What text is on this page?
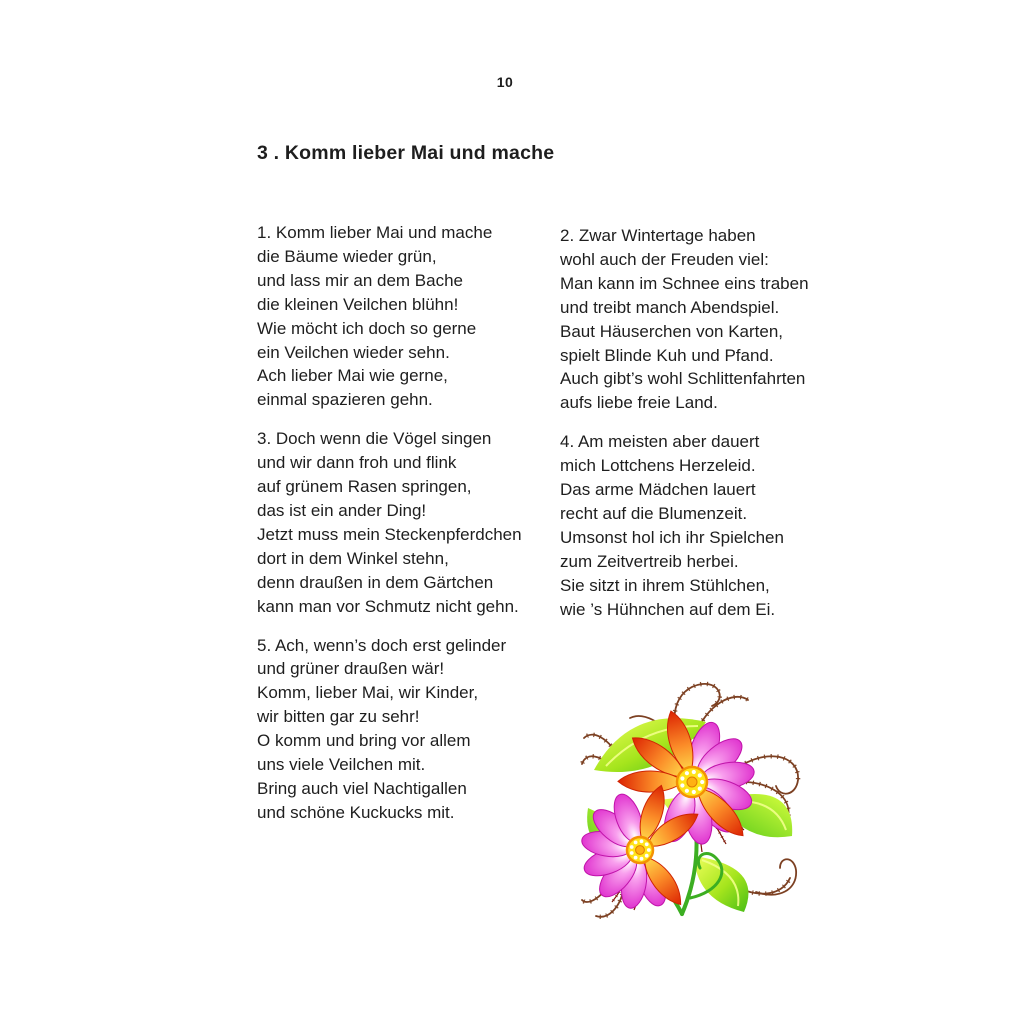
10
3 . Komm lieber Mai und mache
1. Komm lieber Mai und mache
die Bäume wieder grün,
und lass mir an dem Bache
die kleinen Veilchen blühn!
Wie möcht ich doch so gerne
ein Veilchen wieder sehn.
Ach lieber Mai wie gerne,
einmal spazieren gehn.
3. Doch wenn die Vögel singen
und wir dann froh und flink
auf grünem Rasen springen,
das ist ein ander Ding!
Jetzt muss mein Steckenpferdchen
dort in dem Winkel stehn,
denn draußen in dem Gärtchen
kann man vor Schmutz nicht gehn.
5. Ach, wenn’s doch erst gelinder
und grüner draußen wär!
Komm, lieber Mai, wir Kinder,
wir bitten gar zu sehr!
O komm und bring vor allem
uns viele Veilchen mit.
Bring auch viel Nachtigallen
und schöne Kuckucks mit.
2. Zwar Wintertage haben
wohl auch der Freuden viel:
Man kann im Schnee eins traben
und treibt manch Abendspiel.
Baut Häuserchen von Karten,
spielt Blinde Kuh und Pfand.
Auch gibt’s wohl Schlittenfahrten
aufs liebe freie Land.
4. Am meisten aber dauert
mich Lottchens Herzeleid.
Das arme Mädchen lauert
recht auf die Blumenzeit.
Umsonst hol ich ihr Spielchen
zum Zeitvertreib herbei.
Sie sitzt in ihrem Stühlchen,
wie ’s Hühnchen auf dem Ei.
